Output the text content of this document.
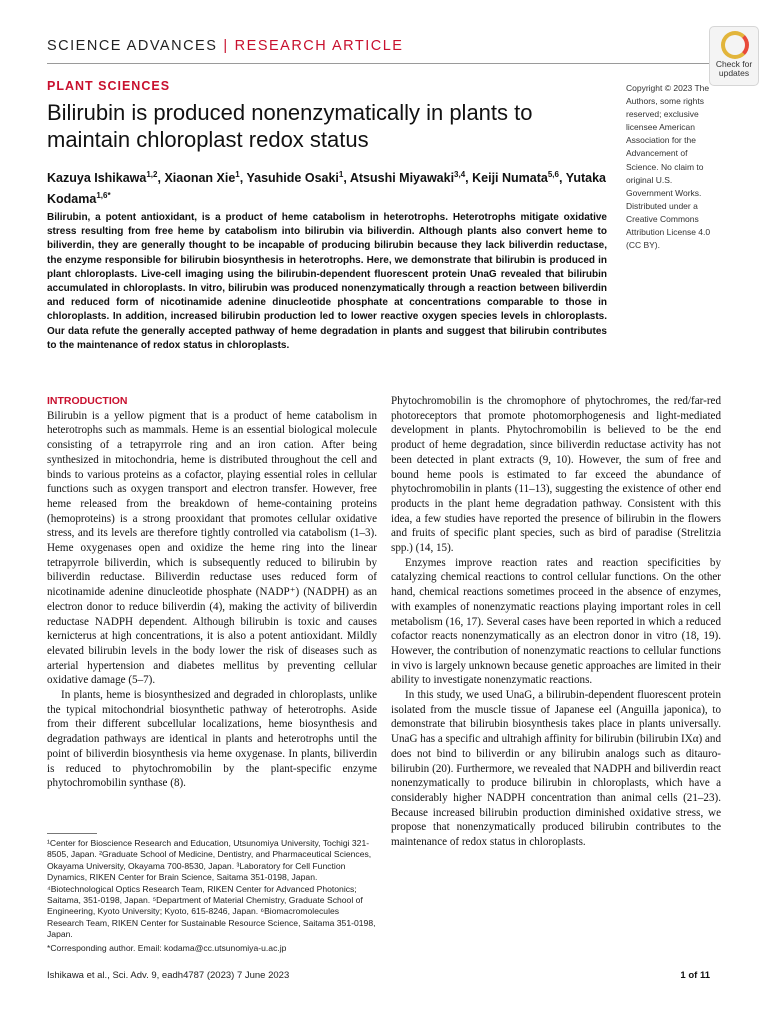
SCIENCE ADVANCES | RESEARCH ARTICLE
Check for updates
PLANT SCIENCES
Bilirubin is produced nonenzymatically in plants to maintain chloroplast redox status
Kazuya Ishikawa$^{1,2}$, Xiaonan Xie$^1$, Yasuhide Osaki$^1$, Atsushi Miyawaki$^{3,4}$, Keiji Numata$^{5,6}$, Yutaka Kodama$^{1,6*}$
Copyright © 2023 The Authors, some rights reserved; exclusive licensee American Association for the Advancement of Science. No claim to original U.S. Government Works. Distributed under a Creative Commons Attribution License 4.0 (CC BY).

Bilirubin, a potent antioxidant, is a product of heme catabolism in heterotrophs. Heterotrophs mitigate oxidative stress resulting from free heme by catabolism into bilirubin via biliverdin. Although plants also convert heme to biliverdin, they are generally thought to be incapable of producing bilirubin because they lack biliverdin reductase, the enzyme responsible for bilirubin biosynthesis in heterotrophs. Here, we demonstrate that bilirubin is produced in plant chloroplasts. Live-cell imaging using the bilirubin-dependent fluorescent protein UnaG revealed that bilirubin accumulated in chloroplasts. In vitro, bilirubin was produced nonenzymatically through a reaction between biliverdin and reduced form of nicotinamide adenine dinucleotide phosphate at concentrations comparable to those in chloroplasts. In addition, increased bilirubin production led to lower reactive oxygen species levels in chloroplasts. Our data refute the generally accepted pathway of heme degradation in plants and suggest that bilirubin contributes to the maintenance of redox status in chloroplasts.

INTRODUCTION

Bilirubin is a yellow pigment that is a product of heme catabolism in heterotrophs such as mammals. Heme is an essential biological molecule consisting of a tetrapyrrole ring and an iron cation. After being synthesized in mitochondria, heme is distributed throughout the cell and binds to various proteins as a cofactor, playing essential roles in cellular functions such as oxygen transport and electron transfer. However, free heme released from the breakdown of heme-containing proteins (hemoproteins) is a strong prooxidant that promotes cellular oxidative stress, and its levels are therefore tightly controlled via catabolism (1–3). Heme oxygenases open and oxidize the heme ring into the linear tetrapyrrole biliverdin, which is subsequently reduced to bilirubin by biliverdin reductase. Biliverdin reductase uses reduced form of nicotinamide adenine dinucleotide phosphate (NADP⁺) (NADPH) as an electron donor to reduce biliverdin (4), making the activity of biliverdin reductase NADPH dependent. Although bilirubin is toxic and causes kernicterus at high concentrations, it is also a potent antioxidant. Mildly elevated bilirubin levels in the body lower the risk of diseases such as arterial hypertension and diabetes mellitus by preventing cellular oxidative damage (5–7).

In plants, heme is biosynthesized and degraded in chloroplasts, unlike the typical mitochondrial biosynthetic pathway of heterotrophs. Aside from their different subcellular localizations, heme biosynthesis and degradation pathways are identical in plants and heterotrophs until the point of biliverdin biosynthesis via heme oxygenase. In plants, biliverdin is reduced to phytochromobilin by the plant-specific enzyme phytochromobilin synthase (8).

Phytochromobilin is the chromophore of phytochromes, the red/far-red photoreceptors that promote photomorphogenesis and light-mediated development in plants. Phytochromobilin is believed to be the end product of heme degradation, since biliverdin reductase activity has not been detected in plant extracts (9, 10). However, the sum of free and bound heme pools is estimated to far exceed the abundance of phytochromobilin in plants (11–13), suggesting the existence of other end products in the plant heme degradation pathway. Consistent with this idea, a few studies have reported the presence of bilirubin in the flowers and fruits of specific plant species, such as bird of paradise (Strelitzia spp.) (14, 15).

Enzymes improve reaction rates and reaction specificities by catalyzing chemical reactions to control cellular functions. On the other hand, chemical reactions sometimes proceed in the absence of enzymes, with examples of nonenzymatic reactions playing important roles in cell metabolism (16, 17). Several cases have been reported in which a reduced cofactor reacts nonenzymatically as an electron donor in vitro (18, 19). However, the contribution of nonenzymatic reactions to cellular functions in vivo is largely unknown because genetic approaches are limited in their ability to investigate nonenzymatic reactions.

In this study, we used UnaG, a bilirubin-dependent fluorescent protein isolated from the muscle tissue of Japanese eel (Anguilla japonica), to demonstrate that bilirubin biosynthesis takes place in plants universally. UnaG has a specific and ultrahigh affinity for bilirubin (bilirubin IXα) and does not bind to biliverdin or any bilirubin analogs such as ditauro-bilirubin (20). Furthermore, we revealed that NADPH and biliverdin react nonenzymatically to produce bilirubin in chloroplasts, which have a considerably higher NADPH concentration than animal cells (21–23). Because increased bilirubin production diminished oxidative stress, we propose that nonenzymatically produced bilirubin contributes to the maintenance of redox status in chloroplasts.

¹Center for Bioscience Research and Education, Utsunomiya University, Tochigi 321-8505, Japan. ²Graduate School of Medicine, Dentistry, and Pharmaceutical Sciences, Okayama University, Okayama 700-8530, Japan. ³Laboratory for Cell Function Dynamics, RIKEN Center for Brain Science, Saitama 351-0198, Japan. ⁴Biotechnological Optics Research Team, RIKEN Center for Advanced Photonics; Saitama, 351-0198, Japan. ⁵Department of Material Chemistry, Graduate School of Engineering, Kyoto University; Kyoto, 615-8246, Japan. ⁶Biomacromolecules Research Team, RIKEN Center for Sustainable Resource Science, Saitama 351-0198, Japan.

*Corresponding author. Email: kodama@cc.utsunomiya-u.ac.jp

Ishikawa et al., Sci. Adv. 9, eadh4787 (2023) 7 June 2023	1 of 11
